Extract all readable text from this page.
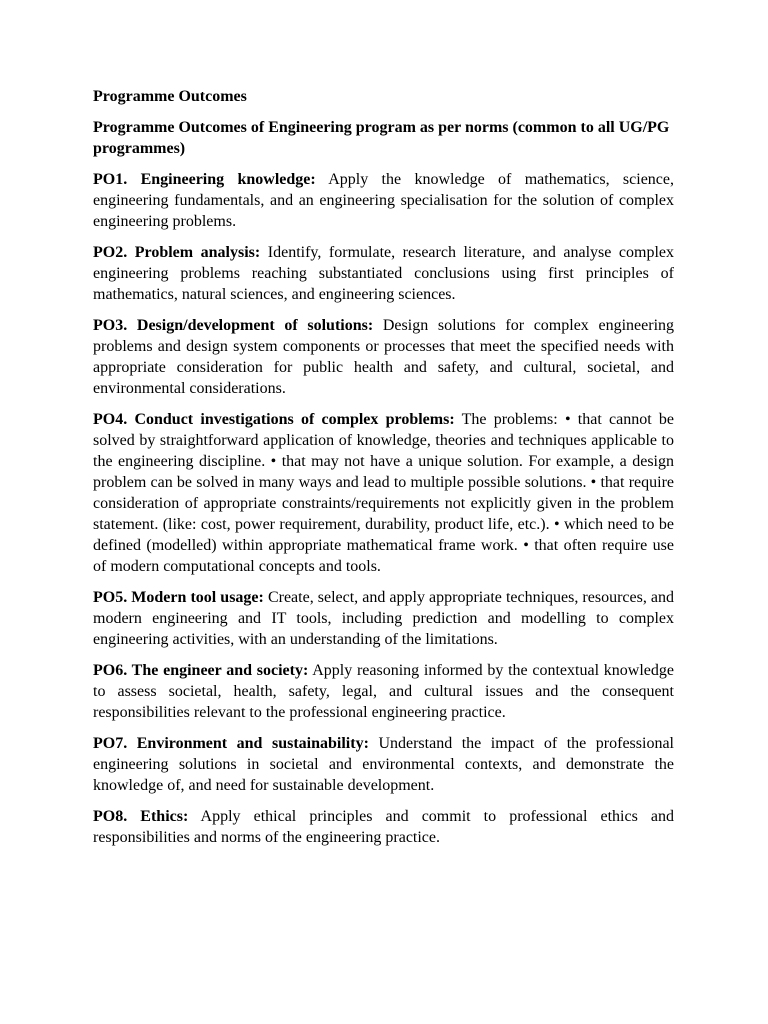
Programme Outcomes

Programme Outcomes of Engineering program as per norms (common to all UG/PG programmes)

PO1. Engineering knowledge: Apply the knowledge of mathematics, science, engineering fundamentals, and an engineering specialisation for the solution of complex engineering problems.

PO2. Problem analysis: Identify, formulate, research literature, and analyse complex engineering problems reaching substantiated conclusions using first principles of mathematics, natural sciences, and engineering sciences.

PO3. Design/development of solutions: Design solutions for complex engineering problems and design system components or processes that meet the specified needs with appropriate consideration for public health and safety, and cultural, societal, and environmental considerations.

PO4. Conduct investigations of complex problems: The problems: • that cannot be solved by straightforward application of knowledge, theories and techniques applicable to the engineering discipline. • that may not have a unique solution. For example, a design problem can be solved in many ways and lead to multiple possible solutions. • that require consideration of appropriate constraints/requirements not explicitly given in the problem statement. (like: cost, power requirement, durability, product life, etc.). • which need to be defined (modelled) within appropriate mathematical frame work. • that often require use of modern computational concepts and tools.

PO5. Modern tool usage: Create, select, and apply appropriate techniques, resources, and modern engineering and IT tools, including prediction and modelling to complex engineering activities, with an understanding of the limitations.

PO6. The engineer and society: Apply reasoning informed by the contextual knowledge to assess societal, health, safety, legal, and cultural issues and the consequent responsibilities relevant to the professional engineering practice.

PO7. Environment and sustainability: Understand the impact of the professional engineering solutions in societal and environmental contexts, and demonstrate the knowledge of, and need for sustainable development.

PO8. Ethics: Apply ethical principles and commit to professional ethics and responsibilities and norms of the engineering practice.
